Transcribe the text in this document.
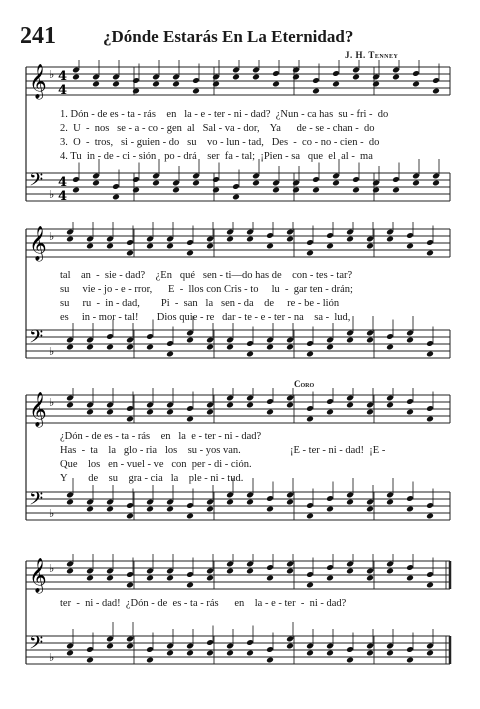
241	¿Dónde Estarás En La Eternidad?
J. H. Tenney
Coro
𝄞 ♭ 4
4
𝄢 ♭
4
4
1. Dón - de es - ta - rás    en   la - e - ter - ni - dad?  ¿Nun - ca has  su - fri -  do
2.  U  -  nos   se - a - co - gen  al   Sal - va - dor,    Ya      de - se - chan -  do
3.  O  -  tros,   si - guien - do   su    vo - lun - tad,   Des  -  co - no - cien -  do
4. Tu  in - de - ci - sión   po - drá    ser  fa - tal;  ¡Pien - sa   que  el  al -  ma
𝄞 ♭
𝄢 ♭
tal    an  -  sie - dad?    ¿En   qué   sen - ti—do has de    con - tes - tar?
su     vie - jo - e - rror,      E  -  llos con Cris - to     lu  -  gar ten - drán;
su     ru  -  in - dad,        Pi  -  san   la   sen - da    de     re - be - lión
es     in - mor - tal!       Dios quie - re   dar - te - e - ter - na    sa -  lud,
𝄞 ♭
𝄢 ♭
¿Dón - de es - ta - rás    en   la  e - ter - ni - dad?
¡E - ter - ni - dad!  ¡E -
Has  -  ta    la   glo - ria   los    su - yos van.
Que    los   en - vuel - ve   con  per - di - ción.
Y        de    su    gra - cia   la    ple - ni - tud.
𝄞 ♭
𝄢 ♭
ter  -  ni - dad!  ¿Dón - de  es - ta - rás      en    la - e - ter  -  ni - dad?
